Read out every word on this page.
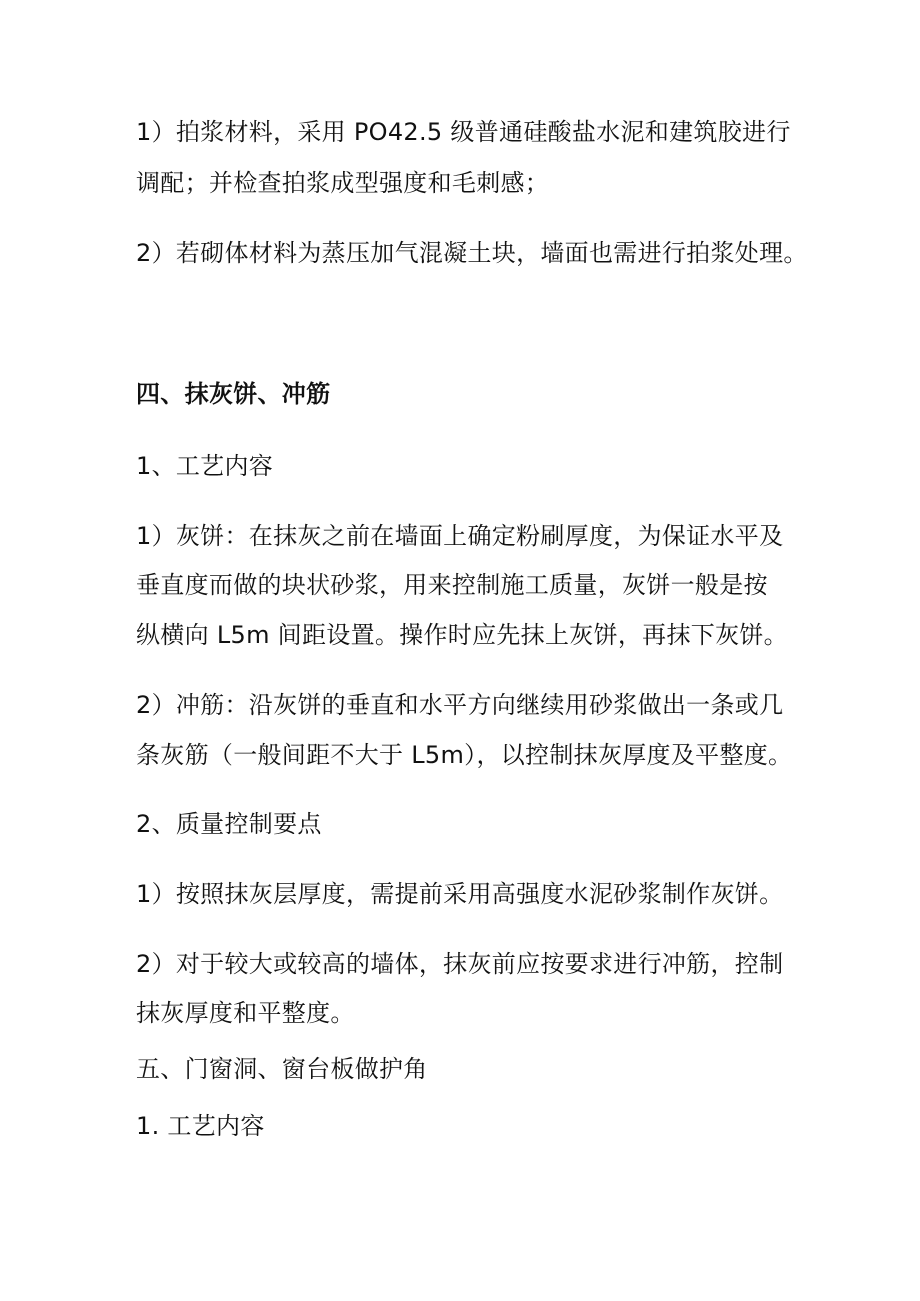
1）拍浆材料，采用 PO42.5 级普通硅酸盐水泥和建筑胶进行
调配；并检查拍浆成型强度和毛刺感；
2）若砌体材料为蒸压加气混凝土块，墙面也需进行拍浆处理。
四、抹灰饼、冲筋
1、工艺内容
1）灰饼：在抹灰之前在墙面上确定粉刷厚度，为保证水平及
垂直度而做的块状砂浆，用来控制施工质量，灰饼一般是按
纵横向 L5m 间距设置。操作时应先抹上灰饼，再抹下灰饼。
2）冲筋：沿灰饼的垂直和水平方向继续用砂浆做出一条或几
条灰筋（一般间距不大于 L5m），以控制抹灰厚度及平整度。
2、质量控制要点
1）按照抹灰层厚度，需提前采用高强度水泥砂浆制作灰饼。
2）对于较大或较高的墙体，抹灰前应按要求进行冲筋，控制
抹灰厚度和平整度。
五、门窗洞、窗台板做护角
1. 工艺内容
